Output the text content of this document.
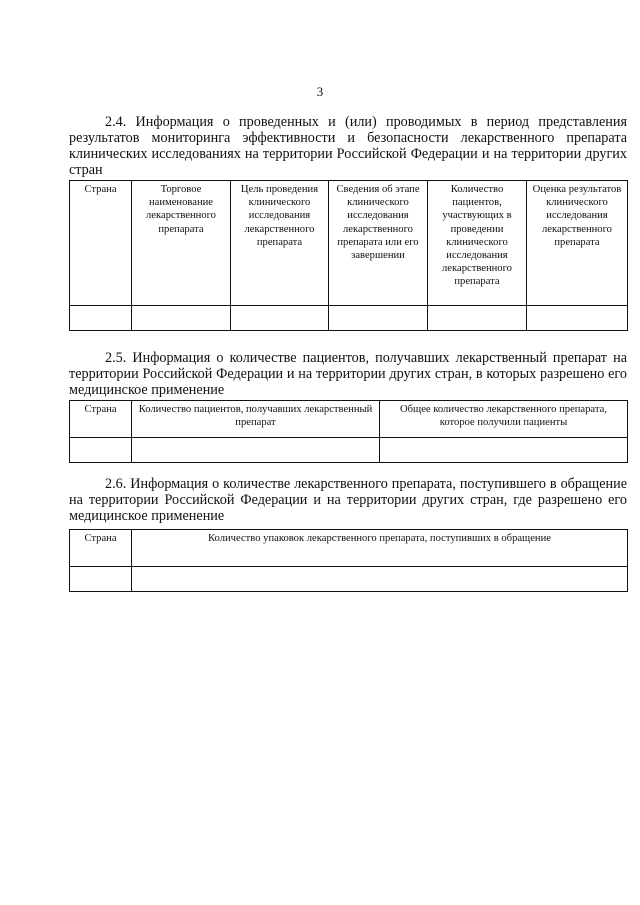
3
2.4. Информация о проведенных и (или) проводимых в период представления результатов мониторинга эффективности и безопасности лекарственного препарата клинических исследованиях на территории Российской Федерации и на территории других стран
Страна	Торговое наименование лекарственного препарата	Цель проведения клинического исследования лекарственного препарата	Сведения об этапе клинического исследования лекарственного препарата или его завершении	Количество пациентов, участвующих в проведении клинического исследования лекарственного препарата	Оценка результатов клинического исследования лекарственного препарата

2.5. Информация о количестве пациентов, получавших лекарственный препарат на территории Российской Федерации и на территории других стран, в которых разрешено его медицинское применение
Страна	Количество пациентов, получавших лекарственный препарат	Общее количество лекарственного препарата, которое получили пациенты

2.6. Информация о количестве лекарственного препарата, поступившего в обращение на территории Российской Федерации и на территории других стран, где разрешено его медицинское применение
Страна	Количество упаковок лекарственного препарата, поступивших в обращение
